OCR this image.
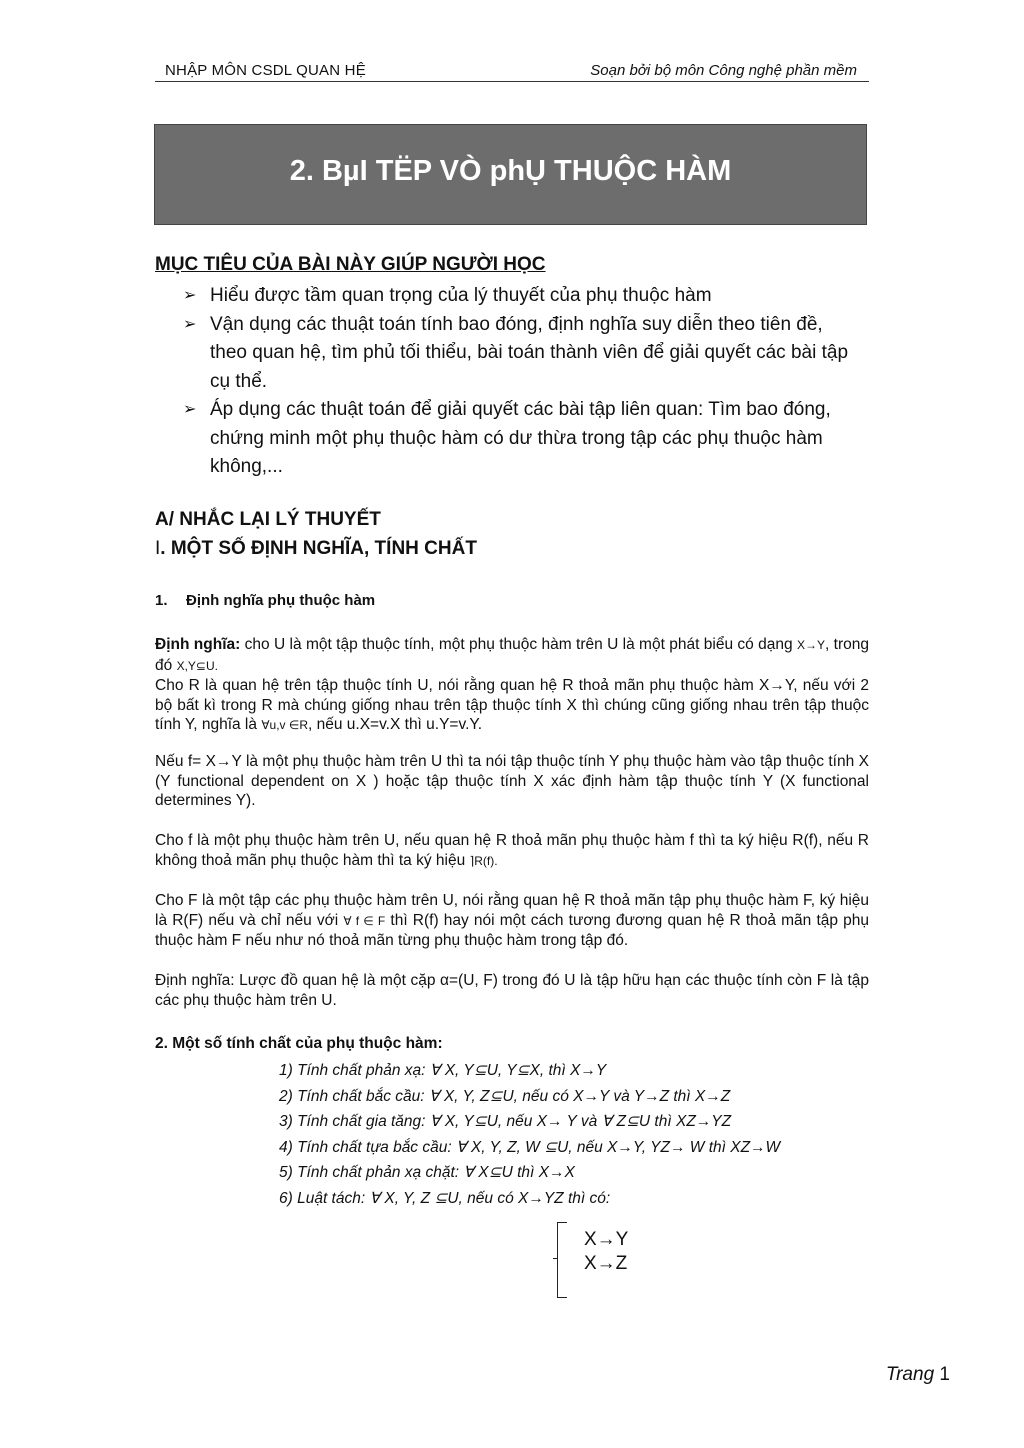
NHẬP MÔN CSDL QUAN HỆ	Soạn bởi bộ môn Công nghệ phần mềm
2. BµI TËP VÒ phỤ THUỘC HÀM
MỤC TIÊU CỦA BÀI NÀY GIÚP NGƯỜI HỌC
➢ Hiểu được tầm quan trọng của lý thuyết của phụ thuộc hàm
➢ Vận dụng các thuật toán tính bao đóng, định nghĩa suy diễn theo tiên đề, theo quan hệ, tìm phủ tối thiểu, bài toán thành viên để giải quyết các bài tập cụ thể.
➢ Áp dụng các thuật toán để giải quyết các bài tập liên quan: Tìm bao đóng, chứng minh một phụ thuộc hàm có dư thừa trong tập các phụ thuộc hàm không,...
A/ NHẮC LẠI LÝ THUYẾT
I. MỘT SỐ ĐỊNH NGHĨA, TÍNH CHẤT
1. Định nghĩa phụ thuộc hàm
Định nghĩa: cho U là một tập thuộc tính, một phụ thuộc hàm trên U là một phát biểu có dạng X→Y, trong đó X,Y⊆U.
Cho R là quan hệ trên tập thuộc tính U, nói rằng quan hệ R thoả mãn phụ thuộc hàm X→Y, nếu với 2 bộ bất kì trong R mà chúng giống nhau trên tập thuộc tính X thì chúng cũng giống nhau trên tập thuộc tính Y, nghĩa là ∀u,v ∈R, nếu u.X=v.X thì u.Y=v.Y.
Nếu f= X→Y là một phụ thuộc hàm trên U thì ta nói tập thuộc tính Y phụ thuộc hàm vào tập thuộc tính X (Y functional dependent on X ) hoặc tập thuộc tính X xác định hàm tập thuộc tính Y (X functional determines Y).
Cho f là một phụ thuộc hàm trên U, nếu quan hệ R thoả mãn phụ thuộc hàm f thì ta ký hiệu R(f), nếu R không thoả mãn phụ thuộc hàm thì ta ký hiệu ⌉R(f).
Cho F là một tập các phụ thuộc hàm trên U, nói rằng quan hệ R thoả mãn tập phụ thuộc hàm F, ký hiệu là R(F) nếu và chỉ nếu với ∀ f ∈ F thì R(f) hay nói một cách tương đương quan hệ R thoả mãn tập phụ thuộc hàm F nếu như nó thoả mãn từng phụ thuộc hàm trong tập đó.
Định nghĩa: Lược đồ quan hệ là một cặp α=(U, F) trong đó U là tập hữu hạn các thuộc tính còn F là tập các phụ thuộc hàm trên U.
2. Một số tính chất của phụ thuộc hàm:
1) Tính chất phản xạ: ∀ X, Y⊆U, Y⊆X, thì X→Y
2) Tính chất bắc cầu: ∀ X, Y, Z⊆U, nếu có X→Y và Y→Z thì X→Z
3) Tính chất gia tăng: ∀ X, Y⊆U, nếu X→ Y và ∀ Z⊆U thì XZ→YZ
4) Tính chất tựa bắc cầu: ∀ X, Y, Z, W ⊆U, nếu X→Y, YZ→ W thì XZ→W
5) Tính chất phản xạ chặt: ∀ X⊆U thì X→X
6) Luật tách: ∀ X, Y, Z ⊆U, nếu có X→YZ thì có:
X→Y
X→Z
Trang 1
